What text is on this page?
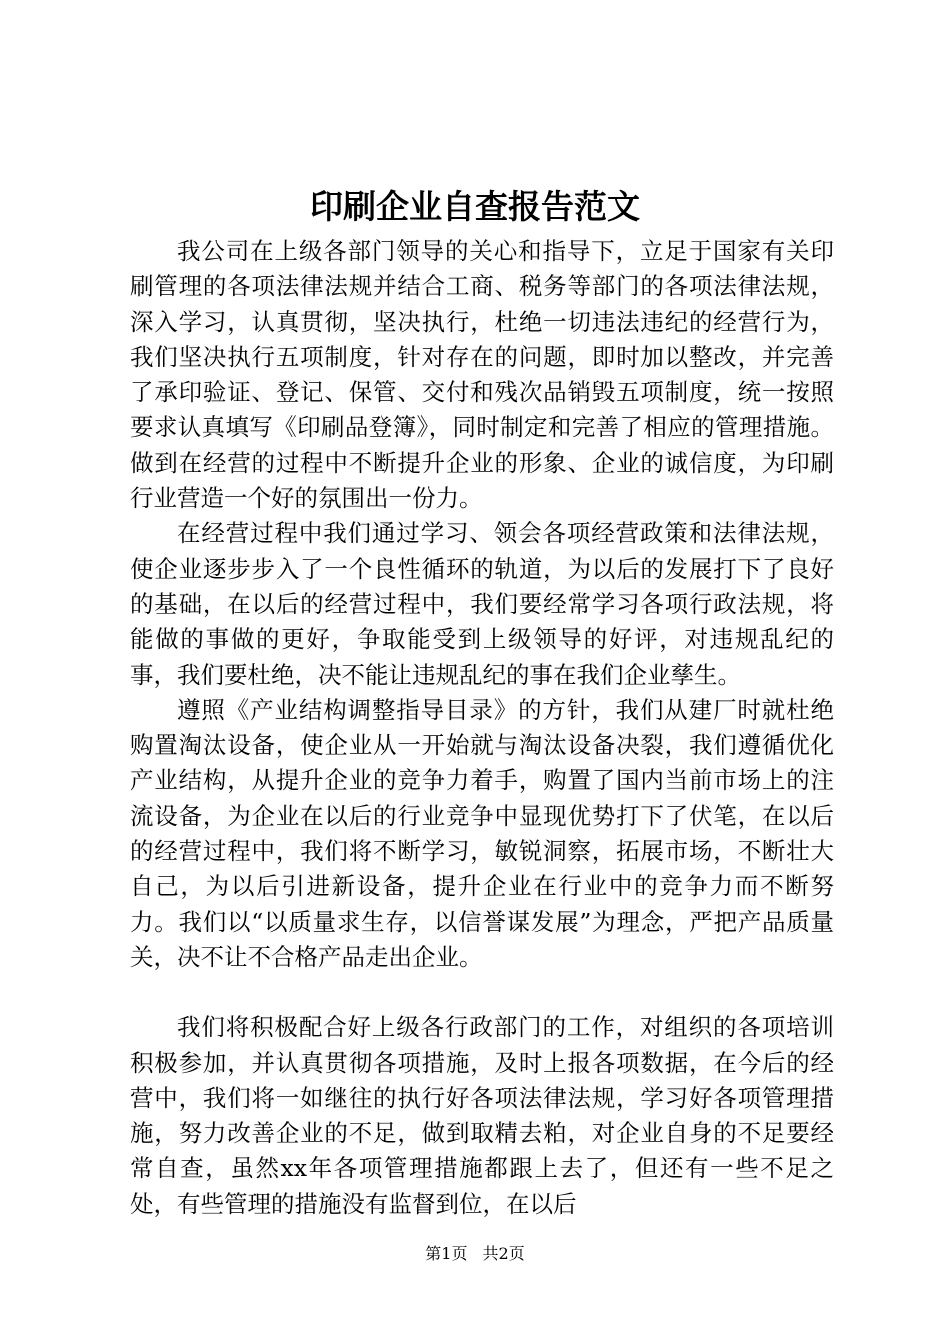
印刷企业自查报告范文

我公司在上级各部门领导的关心和指导下，立足于国家有关印刷管理的各项法律法规并结合工商、税务等部门的各项法律法规，深入学习，认真贯彻，坚决执行，杜绝一切违法违纪的经营行为，我们坚决执行五项制度，针对存在的问题，即时加以整改，并完善了承印验证、登记、保管、交付和残次品销毁五项制度，统一按照要求认真填写《印刷品登簿》，同时制定和完善了相应的管理措施。做到在经营的过程中不断提升企业的形象、企业的诚信度，为印刷行业营造一个好的氛围出一份力。

在经营过程中我们通过学习、领会各项经营政策和法律法规，使企业逐步步入了一个良性循环的轨道，为以后的发展打下了良好的基础，在以后的经营过程中，我们要经常学习各项行政法规，将能做的事做的更好，争取能受到上级领导的好评，对违规乱纪的事，我们要杜绝，决不能让违规乱纪的事在我们企业孳生。

遵照《产业结构调整指导目录》的方针，我们从建厂时就杜绝购置淘汰设备，使企业从一开始就与淘汰设备决裂，我们遵循优化产业结构，从提升企业的竞争力着手，购置了国内当前市场上的注流设备，为企业在以后的行业竞争中显现优势打下了伏笔，在以后的经营过程中，我们将不断学习，敏锐洞察，拓展市场，不断壮大自己，为以后引进新设备，提升企业在行业中的竞争力而不断努力。我们以“以质量求生存，以信誉谋发展”为理念，严把产品质量关，决不让不合格产品走出企业。

我们将积极配合好上级各行政部门的工作，对组织的各项培训积极参加，并认真贯彻各项措施，及时上报各项数据，在今后的经营中，我们将一如继往的执行好各项法律法规，学习好各项管理措施，努力改善企业的不足，做到取精去粕，对企业自身的不足要经常自查，虽然xx年各项管理措施都跟上去了，但还有一些不足之处，有些管理的措施没有监督到位，在以后

第1页 共2页
